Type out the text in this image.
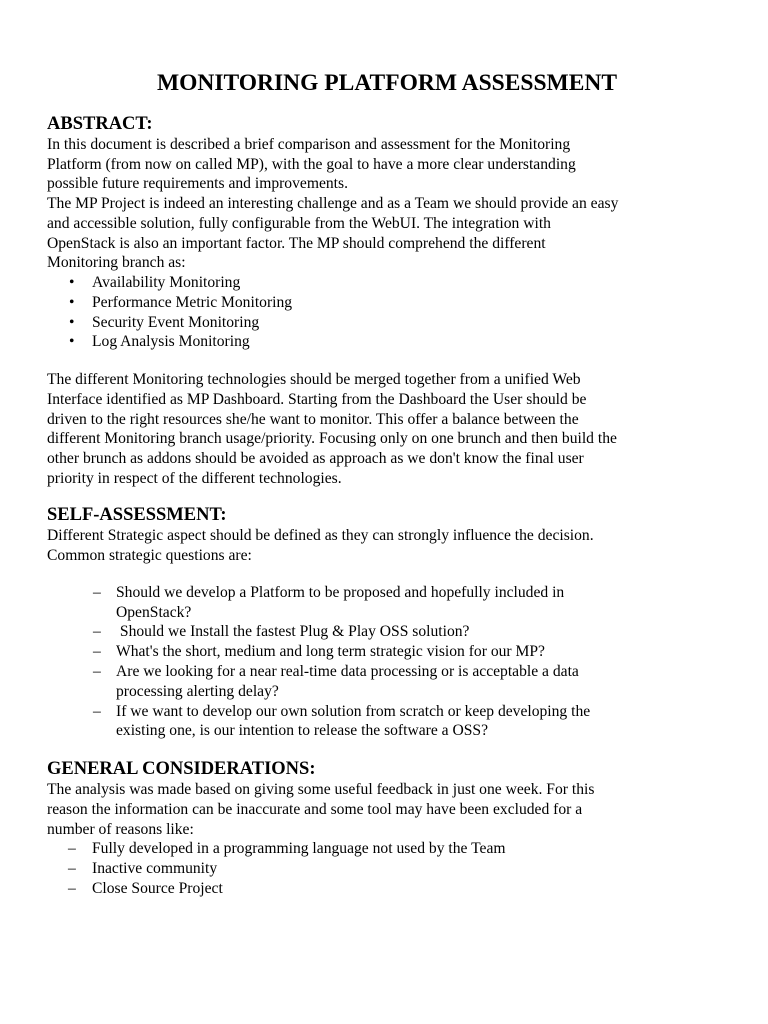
MONITORING PLATFORM ASSESSMENT
ABSTRACT:

In this document is described a brief comparison and assessment for the Monitoring
Platform (from now on called MP), with the goal to have a more clear understanding
possible future requirements and improvements.
The MP Project is indeed an interesting challenge and as a Team we should provide an easy
and accessible solution, fully configurable from the WebUI. The integration with
OpenStack is also an important factor. The MP should comprehend the different
Monitoring branch as:

• Availability Monitoring
• Performance Metric Monitoring
• Security Event Monitoring
• Log Analysis Monitoring

The different Monitoring technologies should be merged together from a unified Web
Interface identified as MP Dashboard. Starting from the Dashboard the User should be
driven to the right resources she/he want to monitor. This offer a balance between the
different Monitoring branch usage/priority. Focusing only on one brunch and then build the
other brunch as addons should be avoided as approach as we don't know the final user
priority in respect of the different technologies.

SELF-ASSESSMENT:

Different Strategic aspect should be defined as they can strongly influence the decision.
Common strategic questions are:

– Should we develop a Platform to be proposed and hopefully included in
OpenStack?
– Should we Install the fastest Plug & Play OSS solution?
– What's the short, medium and long term strategic vision for our MP?
– Are we looking for a near real-time data processing or is acceptable a data
processing alerting delay?
– If we want to develop our own solution from scratch or keep developing the
existing one, is our intention to release the software a OSS?
GENERAL CONSIDERATIONS:

The analysis was made based on giving some useful feedback in just one week. For this
reason the information can be inaccurate and some tool may have been excluded for a
number of reasons like:

– Fully developed in a programming language not used by the Team
– Inactive community
– Close Source Project
